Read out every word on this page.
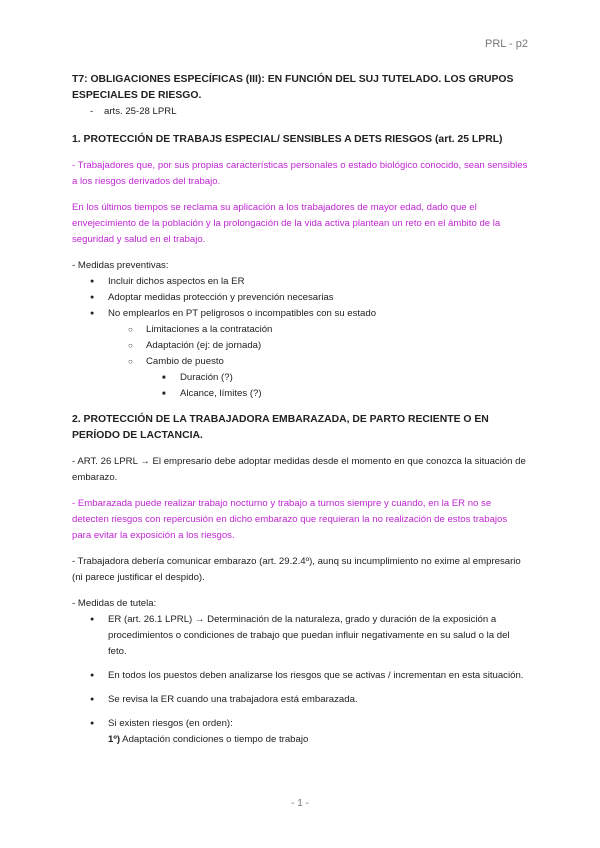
PRL - p2

T7: OBLIGACIONES ESPECÍFICAS (III): EN FUNCIÓN DEL SUJ TUTELADO. LOS GRUPOS ESPECIALES DE RIESGO.

- arts. 25-28 LPRL

1. PROTECCIÓN DE TRABAJS ESPECIAL/ SENSIBLES A DETS RIESGOS (art. 25 LPRL)

- Trabajadores que, por sus propias características personales o estado biológico conocido, sean sensibles a los riesgos derivados del trabajo.

En los últimos tiempos se reclama su aplicación a los trabajadores de mayor edad, dado que el envejecimiento de la población y la prolongación de la vida activa plantean un reto en el ámbito de la seguridad y salud en el trabajo.

- Medidas preventivas:

● Incluir dichos aspectos en la ER
● Adoptar medidas protección y prevención necesarias
● No emplearlos en PT peligrosos o incompatibles con su estado
○ Limitaciones a la contratación
○ Adaptación (ej: de jornada)
○ Cambio de puesto
■ Duración (?)
■ Alcance, límites (?)
2. PROTECCIÓN DE LA TRABAJADORA EMBARAZADA, DE PARTO RECIENTE O EN PERÍODO DE LACTANCIA.

- ART. 26 LPRL → El empresario debe adoptar medidas desde el momento en que conozca la situación de embarazo.

- Embarazada puede realizar trabajo nocturno y trabajo a turnos siempre y cuando, en la ER no se detecten riesgos con repercusión en dicho embarazo que requieran la no realización de estos trabajos para evitar la exposición a los riesgos.

- Trabajadora debería comunicar embarazo (art. 29.2.4º), aunq su incumplimiento no exime al empresario (ni parece justificar el despido).

- Medidas de tutela:

● ER (art. 26.1 LPRL) → Determinación de la naturaleza, grado y duración de la exposición a procedimientos o condiciones de trabajo que puedan influir negativamente en su salud o la del feto.
● En todos los puestos deben analizarse los riesgos que se activas / incrementan en esta situación.
● Se revisa la ER cuando una trabajadora está embarazada.
● Si existen riesgos (en orden):
1º) Adaptación condiciones o tiempo de trabajo
- 1 -
